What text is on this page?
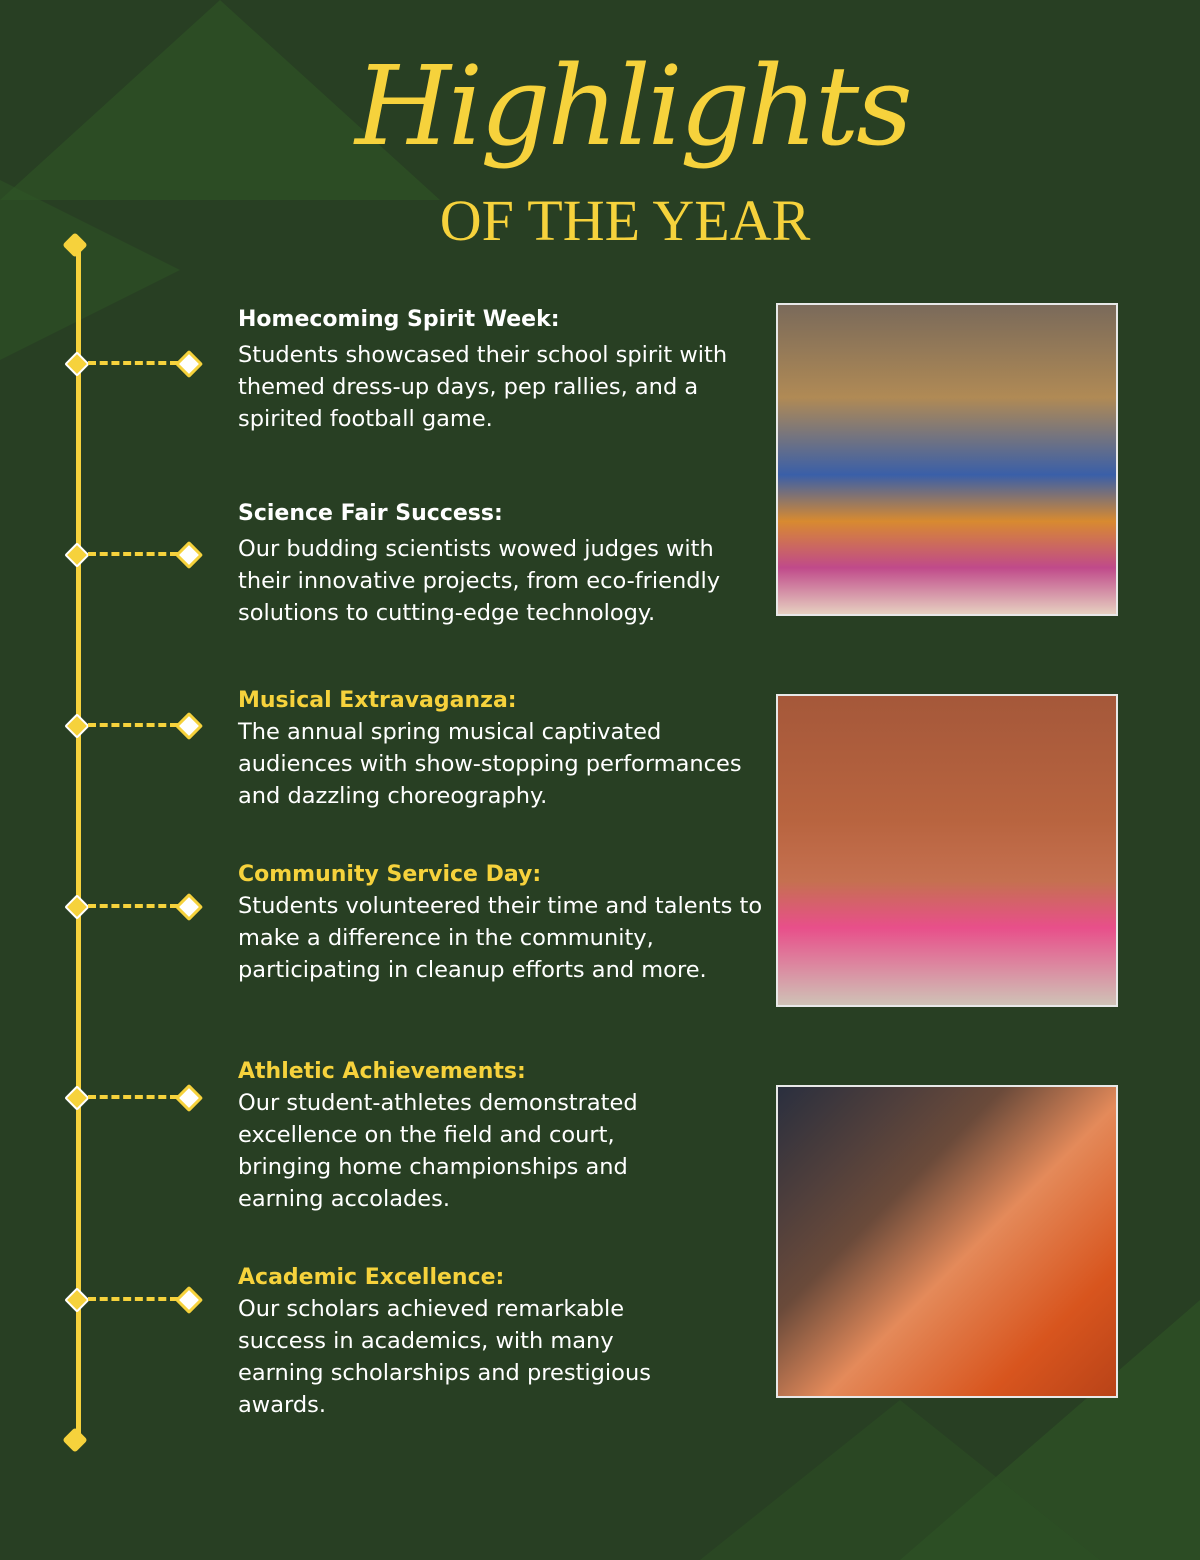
Highlights
OF THE YEAR
Homecoming Spirit Week:

Students showcased their school spirit with themed dress-up days, pep rallies, and a spirited football game.

Science Fair Success:

Our budding scientists wowed judges with their innovative projects, from eco-friendly solutions to cutting-edge technology.

Musical Extravaganza:

The annual spring musical captivated audiences with show-stopping performances and dazzling choreography.

Community Service Day:

Students volunteered their time and talents to make a difference in the community, participating in cleanup efforts and more.

Athletic Achievements:

Our student-athletes demonstrated excellence on the field and court, bringing home championships and earning accolades.

Academic Excellence:

Our scholars achieved remarkable success in academics, with many earning scholarships and prestigious awards.
